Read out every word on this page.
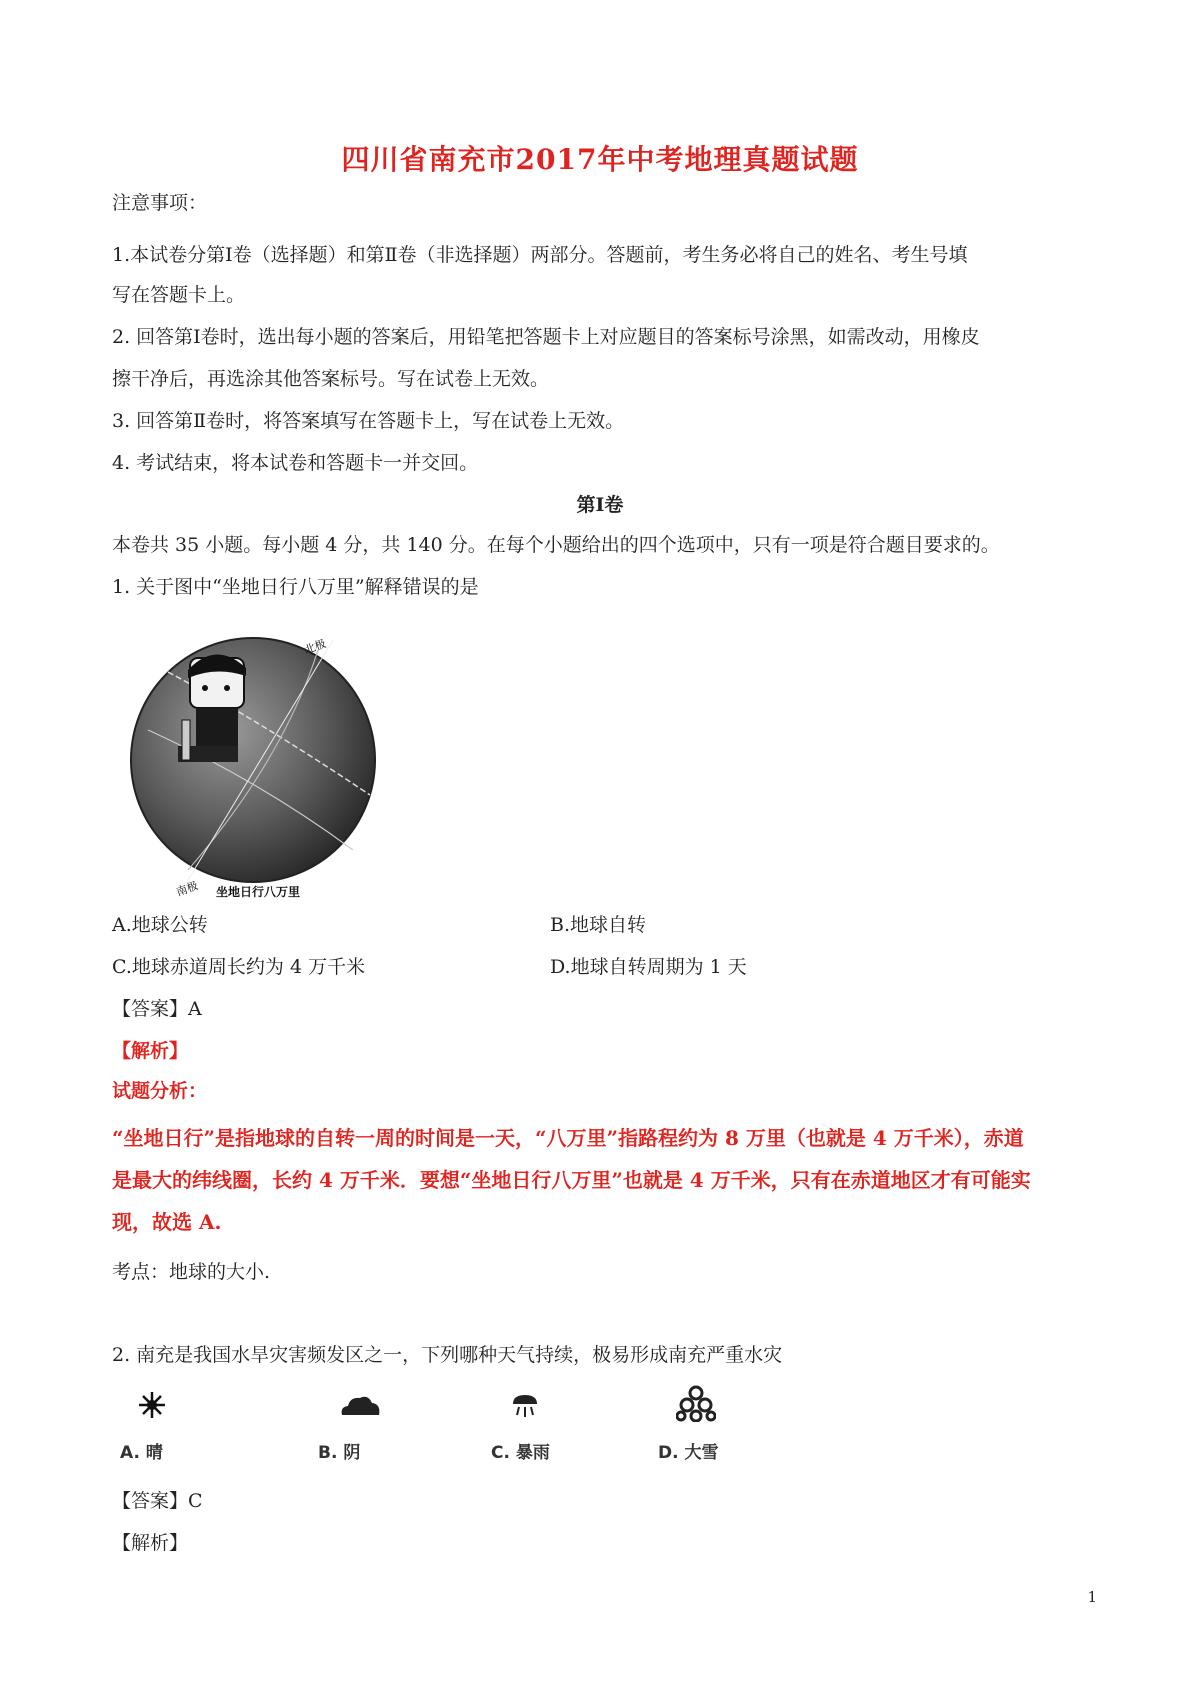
四川省南充市2017年中考地理真题试题
注意事项：
1.本试卷分第Ⅰ卷（选择题）和第Ⅱ卷（非选择题）两部分。答题前，考生务必将自己的姓名、考生号填
写在答题卡上。
2. 回答第Ⅰ卷时，选出每小题的答案后，用铅笔把答题卡上对应题目的答案标号涂黑，如需改动，用橡皮
擦干净后，再选涂其他答案标号。写在试卷上无效。
3. 回答第Ⅱ卷时，将答案填写在答题卡上，写在试卷上无效。
4. 考试结束，将本试卷和答题卡一并交回。
第Ⅰ卷
本卷共 35 小题。每小题 4 分，共 140 分。在每个小题给出的四个选项中，只有一项是符合题目要求的。
1. 关于图中“坐地日行八万里”解释错误的是
北极
南极 坐地日行八万里
A.地球公转	B.地球自转
C.地球赤道周长约为 4 万千米	D.地球自转周期为 1 天
【答案】A
【解析】
试题分析：
“坐地日行”是指地球的自转一周的时间是一天，“八万里”指路程约为 8 万里（也就是 4 万千米），赤道
是最大的纬线圈，长约 4 万千米．要想“坐地日行八万里”也就是 4 万千米，只有在赤道地区才有可能实
现，故选 A.
考点：地球的大小.
2. 南充是我国水旱灾害频发区之一，下列哪种天气持续，极易形成南充严重水灾
A. 晴	B. 阴	C. 暴雨	D. 大雪
【答案】C
【解析】
1
